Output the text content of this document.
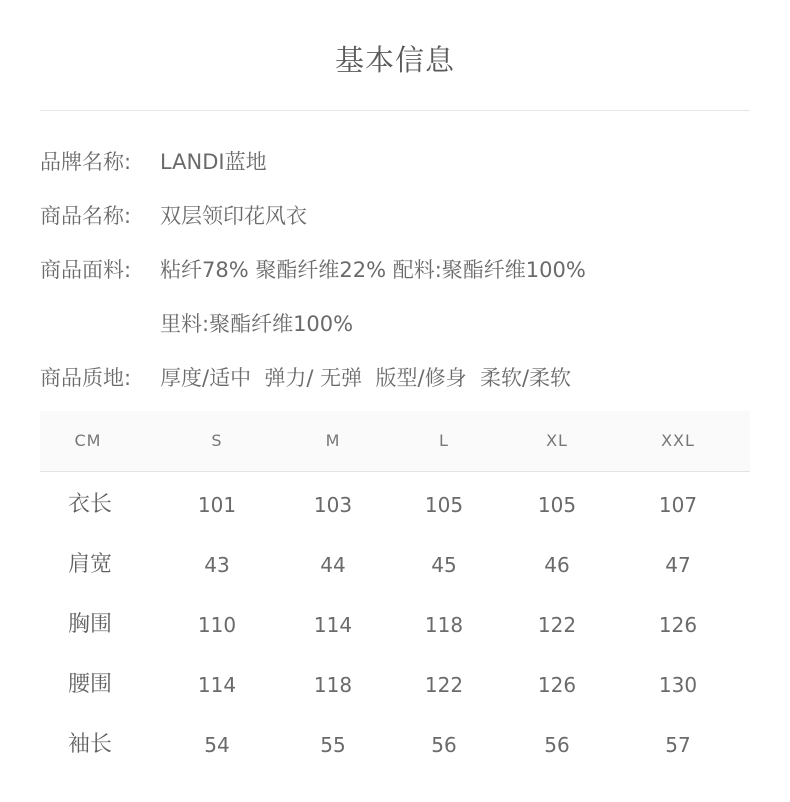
基本信息
品牌名称: LANDI蓝地
商品名称: 双层领印花风衣
商品面料: 粘纤78% 聚酯纤维22% 配料:聚酯纤维100%
里料:聚酯纤维100%
商品质地: 厚度/适中  弹力/ 无弹  版型/修身  柔软/柔软
CM	S	M	L	XL	XXL
衣长	101	103	105	105	107
肩宽	43	44	45	46	47
胸围	110	114	118	122	126
腰围	114	118	122	126	130
袖长	54	55	56	56	57
